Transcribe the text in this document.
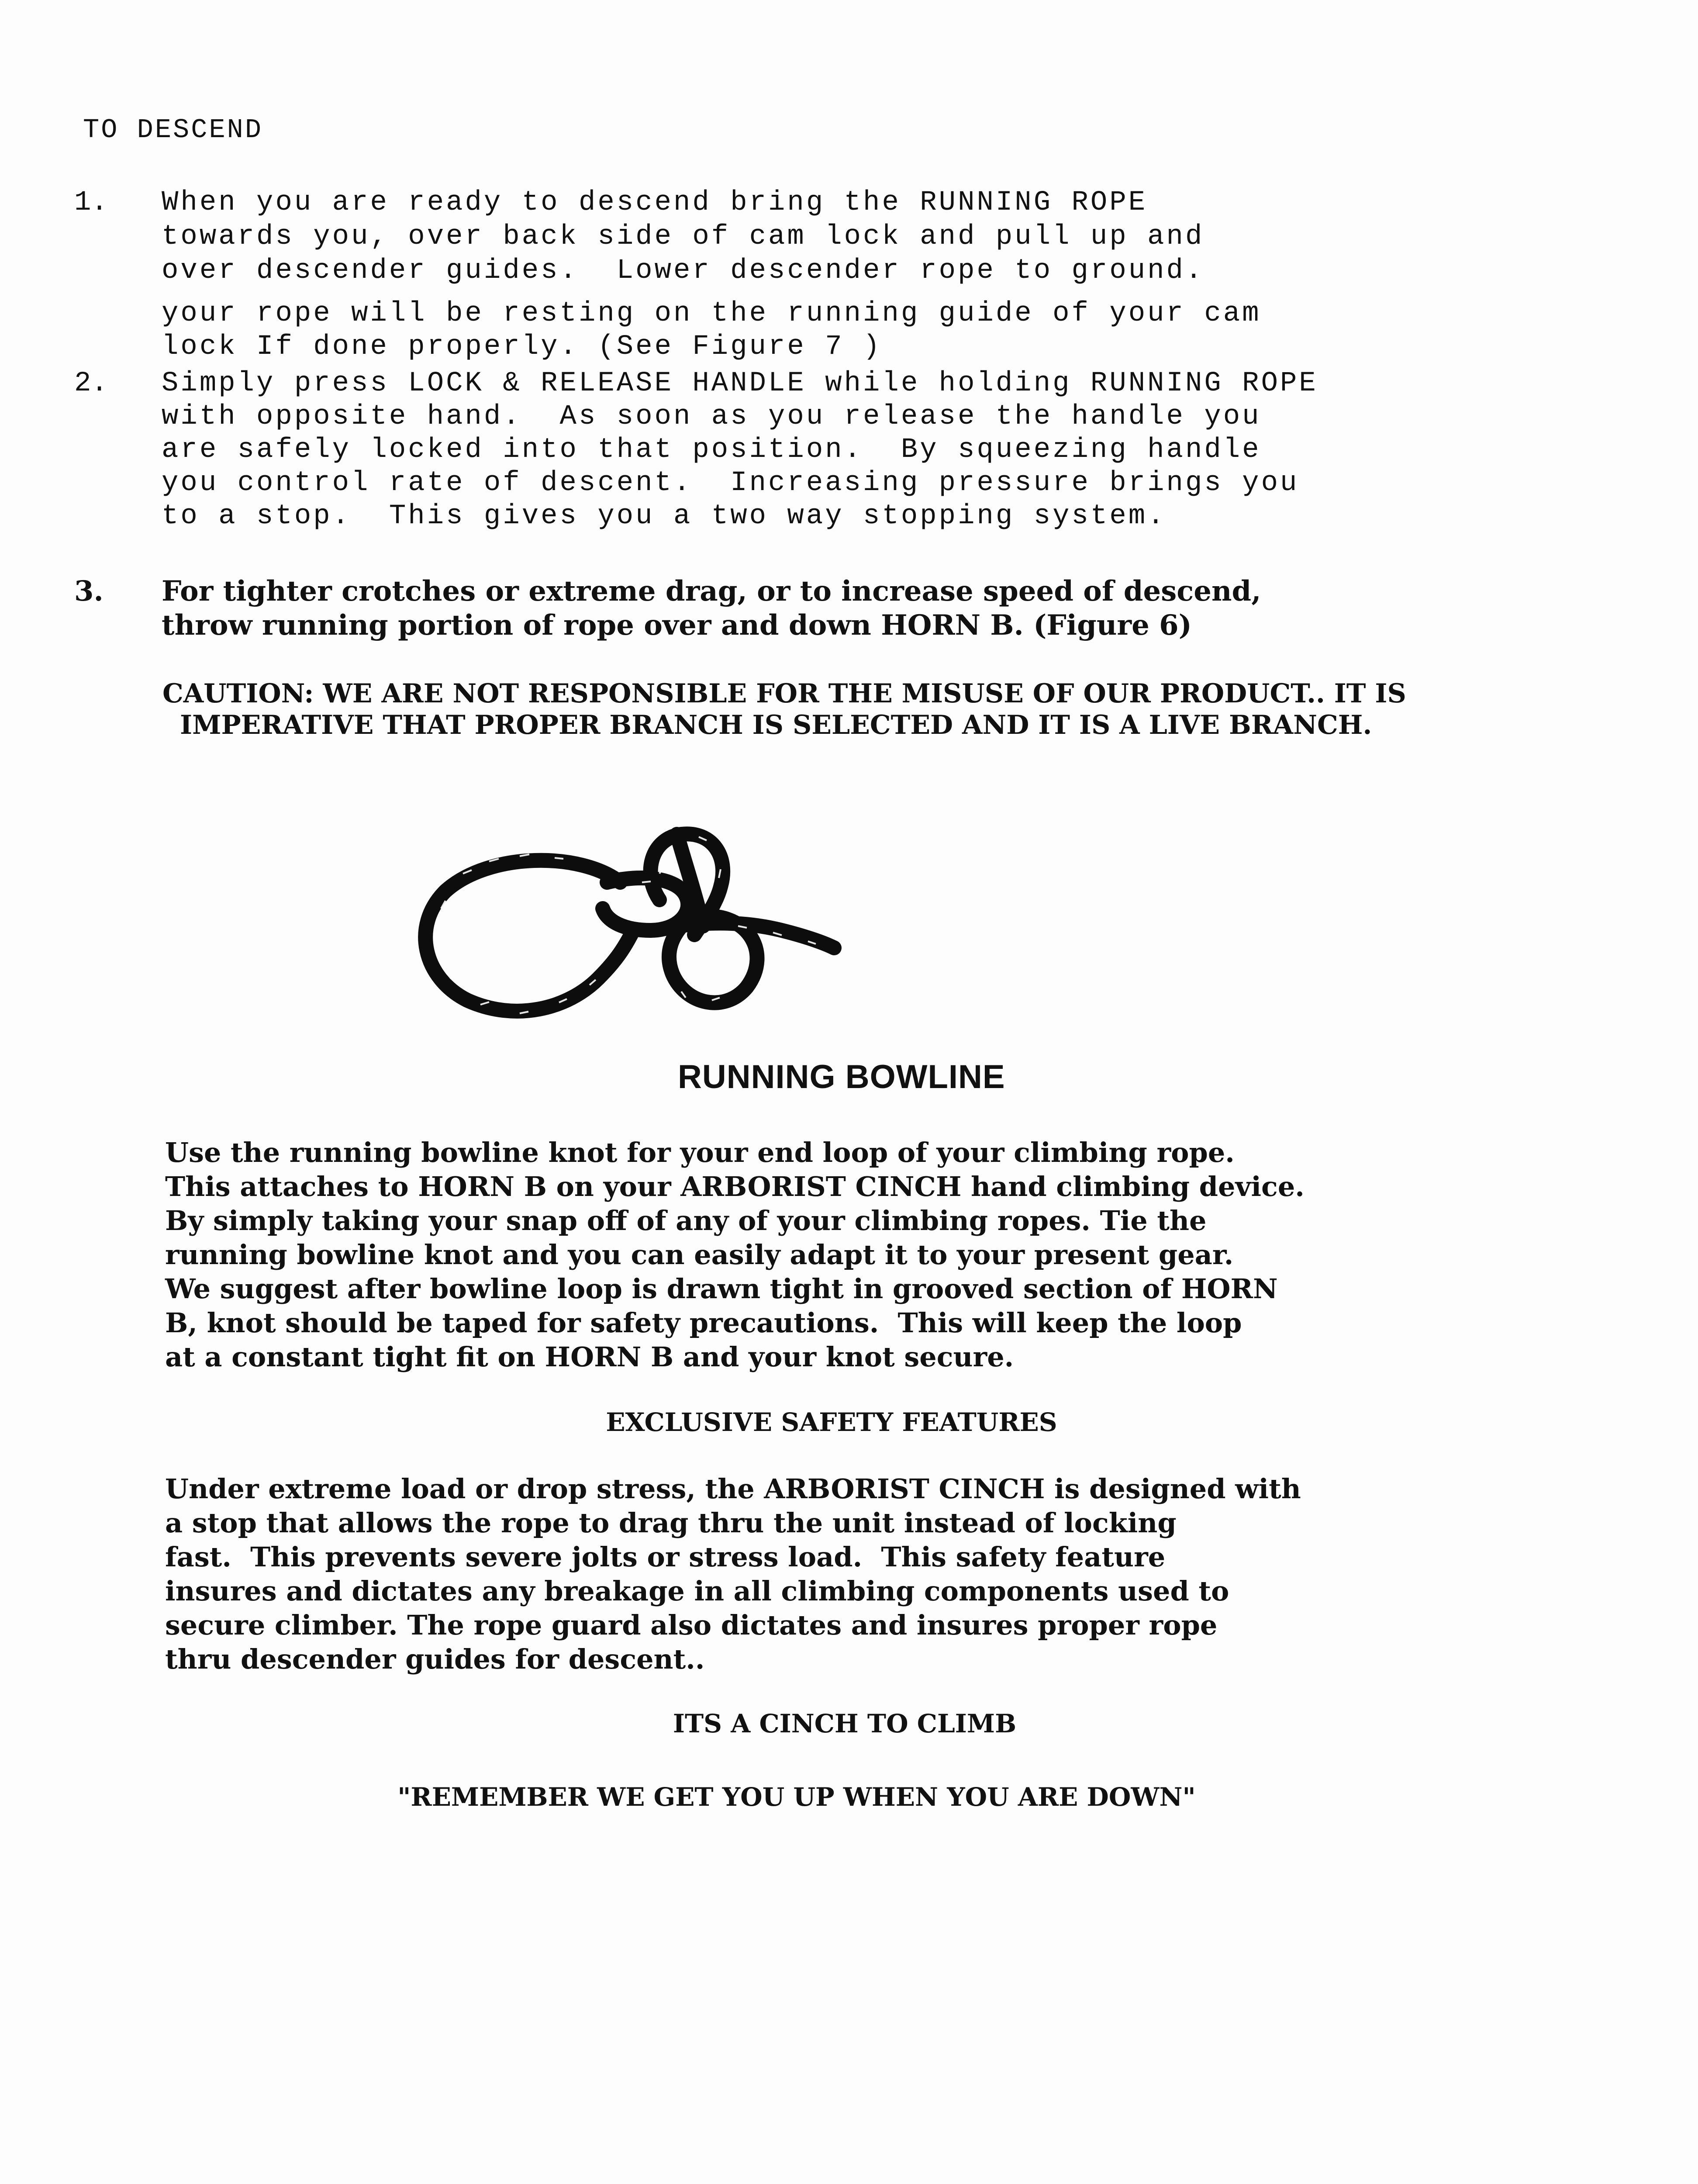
TO DESCEND
1. When you are ready to descend bring the RUNNING ROPE
towards you, over back side of cam lock and pull up and
over descender guides.  Lower descender rope to ground.
your rope will be resting on the running guide of your cam
lock If done properly. (See Figure 7 )
2. Simply press LOCK & RELEASE HANDLE while holding RUNNING ROPE
with opposite hand.  As soon as you release the handle you
are safely locked into that position.  By squeezing handle
you control rate of descent.  Increasing pressure brings you
to a stop.  This gives you a two way stopping system.
3. For tighter crotches or extreme drag, or to increase speed of descend,
throw running portion of rope over and down HORN B. (Figure 6)
CAUTION: WE ARE NOT RESPONSIBLE FOR THE MISUSE OF OUR PRODUCT.. IT IS
IMPERATIVE THAT PROPER BRANCH IS SELECTED AND IT IS A LIVE BRANCH.
RUNNING BOWLINE
Use the running bowline knot for your end loop of your climbing rope.
This attaches to HORN B on your ARBORIST CINCH hand climbing device.
By simply taking your snap off of any of your climbing ropes. Tie the
running bowline knot and you can easily adapt it to your present gear.
We suggest after bowline loop is drawn tight in grooved section of HORN
B, knot should be taped for safety precautions.  This will keep the loop
at a constant tight fit on HORN B and your knot secure.
EXCLUSIVE SAFETY FEATURES
Under extreme load or drop stress, the ARBORIST CINCH is designed with
a stop that allows the rope to drag thru the unit instead of locking
fast.  This prevents severe jolts or stress load.  This safety feature
insures and dictates any breakage in all climbing components used to
secure climber. The rope guard also dictates and insures proper rope
thru descender guides for descent..
ITS A CINCH TO CLIMB
"REMEMBER WE GET YOU UP WHEN YOU ARE DOWN"
